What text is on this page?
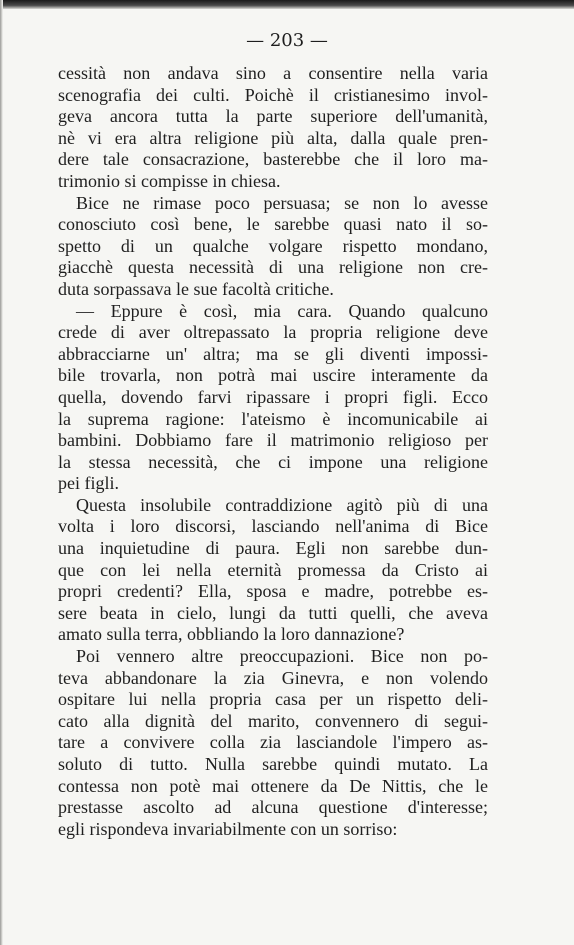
— 203 —
cessità non andava sino a consentire nella varia
scenografia dei culti. Poichè il cristianesimo invol-
geva ancora tutta la parte superiore dell'umanità,
nè vi era altra religione più alta, dalla quale pren-
dere tale consacrazione, basterebbe che il loro ma-
trimonio si compisse in chiesa.
Bice ne rimase poco persuasa; se non lo avesse
conosciuto così bene, le sarebbe quasi nato il so-
spetto di un qualche volgare rispetto mondano,
giacchè questa necessità di una religione non cre-
duta sorpassava le sue facoltà critiche.
— Eppure è così, mia cara. Quando qualcuno
crede di aver oltrepassato la propria religione deve
abbracciarne un' altra; ma se gli diventi impossi-
bile trovarla, non potrà mai uscire interamente da
quella, dovendo farvi ripassare i propri figli. Ecco
la suprema ragione: l'ateismo è incomunicabile ai
bambini. Dobbiamo fare il matrimonio religioso per
la stessa necessità, che ci impone una religione
pei figli.
Questa insolubile contraddizione agitò più di una
volta i loro discorsi, lasciando nell'anima di Bice
una inquietudine di paura. Egli non sarebbe dun-
que con lei nella eternità promessa da Cristo ai
propri credenti? Ella, sposa e madre, potrebbe es-
sere beata in cielo, lungi da tutti quelli, che aveva
amato sulla terra, obbliando la loro dannazione?
Poi vennero altre preoccupazioni. Bice non po-
teva abbandonare la zia Ginevra, e non volendo
ospitare lui nella propria casa per un rispetto deli-
cato alla dignità del marito, convennero di segui-
tare a convivere colla zia lasciandole l'impero as-
soluto di tutto. Nulla sarebbe quindi mutato. La
contessa non potè mai ottenere da De Nittis, che le
prestasse ascolto ad alcuna questione d'interesse;
egli rispondeva invariabilmente con un sorriso:
